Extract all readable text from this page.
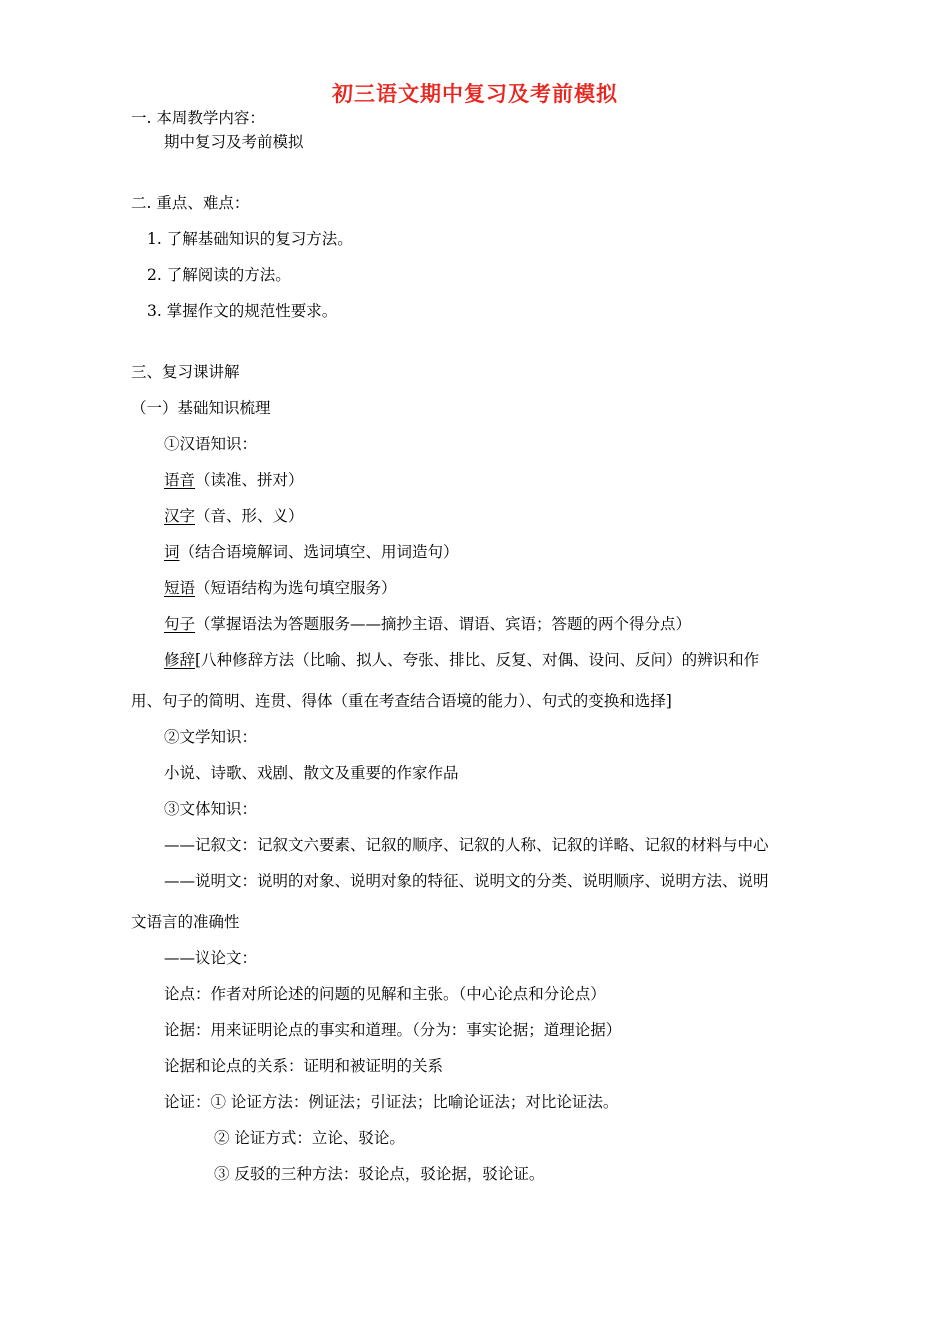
初三语文期中复习及考前模拟
一. 本周教学内容：
期中复习及考前模拟
二. 重点、难点：
1. 了解基础知识的复习方法。
2. 了解阅读的方法。
3. 掌握作文的规范性要求。
三、复习课讲解
（一）基础知识梳理
①汉语知识：
语音（读准、拼对）
汉字（音、形、义）
词（结合语境解词、选词填空、用词造句）
短语（短语结构为选句填空服务）
句子（掌握语法为答题服务——摘抄主语、谓语、宾语；答题的两个得分点）
修辞[八种修辞方法（比喻、拟人、夸张、排比、反复、对偶、设问、反问）的辨识和作
用、句子的简明、连贯、得体（重在考查结合语境的能力）、句式的变换和选择]
②文学知识：
小说、诗歌、戏剧、散文及重要的作家作品
③文体知识：
——记叙文：记叙文六要素、记叙的顺序、记叙的人称、记叙的详略、记叙的材料与中心
——说明文：说明的对象、说明对象的特征、说明文的分类、说明顺序、说明方法、说明
文语言的准确性
——议论文：
论点：作者对所论述的问题的见解和主张。（中心论点和分论点）
论据：用来证明论点的事实和道理。（分为：事实论据；道理论据）
论据和论点的关系：证明和被证明的关系
论证：① 论证方法：例证法；引证法；比喻论证法；对比论证法。
② 论证方式：立论、驳论。
③ 反驳的三种方法：驳论点，驳论据，驳论证。
